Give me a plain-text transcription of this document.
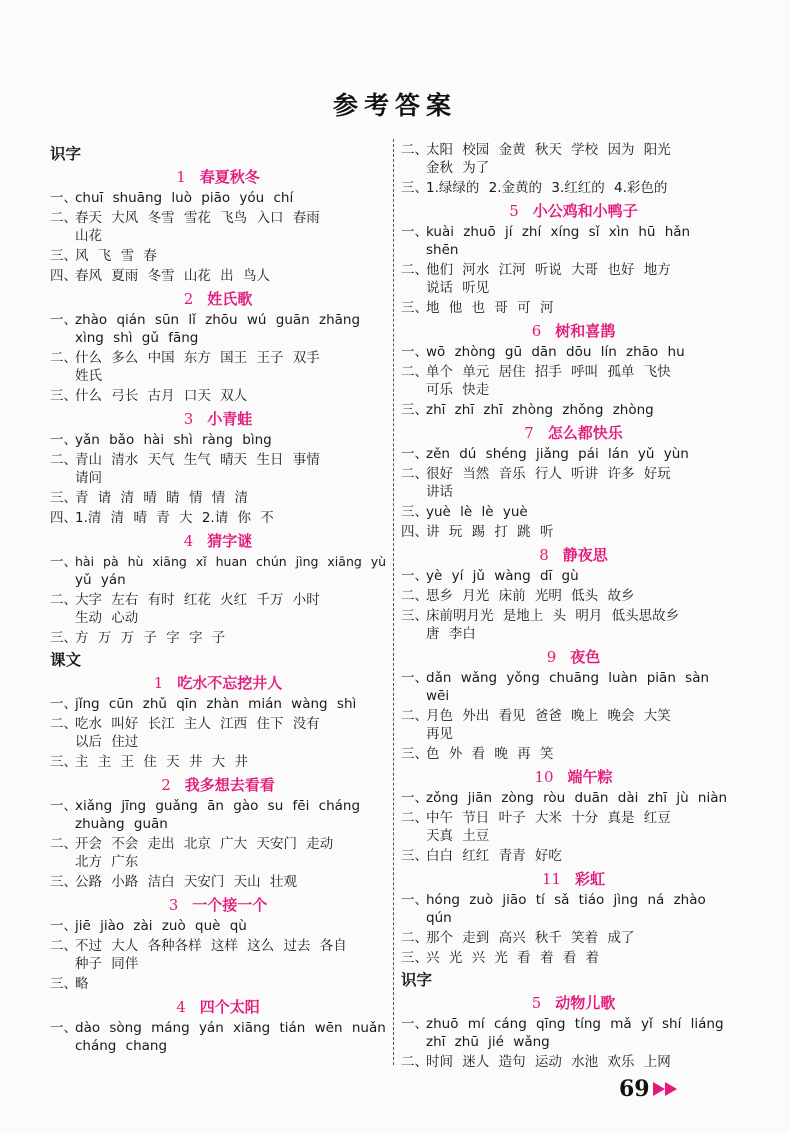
参考答案
识字
1 春夏秋冬
一、
chuī shuāng luò piāo yóu chí
二、
春天 大风 冬雪 雪花 飞鸟 入口 春雨
山花
三、
风 飞 雪 春
四、
春风 夏雨 冬雪 山花 出 鸟人
2 姓氏歌
一、
zhào qián sūn lǐ zhōu wú guān zhāng
xìng shì gǔ fāng
二、
什么 多么 中国 东方 国王 王子 双手
姓氏
三、
什么 弓长 古月 口天 双人
3 小青蛙
一、
yǎn bǎo hài shì ràng bìng
二、
青山 清水 天气 生气 晴天 生日 事情
请问
三、
青 请 清 晴 睛 情 情 清
四、
1.清 清 晴 青 大 2.请 你 不
4 猜字谜
一、
hài pà hù xiāng xǐ huan chún jìng xiāng yù
yǔ yán
二、
大字 左右 有时 红花 火红 千万 小时
生动 心动
三、
方 万 万 子 字 字 子
课文
1 吃水不忘挖井人
一、
jǐng cūn zhǔ qīn zhàn mián wàng shì
二、
吃水 叫好 长江 主人 江西 住下 没有
以后 住过
三、
主 主 王 住 天 井 大 井
2 我多想去看看
一、
xiǎng jīng guǎng ān gào su fēi cháng
zhuàng guān
二、
开会 不会 走出 北京 广大 天安门 走动
北方 广东
三、
公路 小路 洁白 天安门 天山 壮观
3 一个接一个
一、
jiē jiào zài zuò què qù
二、
不过 大人 各种各样 这样 这么 过去 各自
种子 同伴
三、
略
4 四个太阳
一、
dào sòng máng yán xiāng tián wēn nuǎn
cháng chang
二、
太阳 校园 金黄 秋天 学校 因为 阳光
金秋 为了
三、
1.绿绿的 2.金黄的 3.红红的 4.彩色的
5 小公鸡和小鸭子
一、
kuài zhuō jí zhí xíng sǐ xìn hū hǎn
shēn
二、
他们 河水 江河 听说 大哥 也好 地方
说话 听见
三、
地 他 也 哥 可 河
6 树和喜鹊
一、
wō zhòng gū dān dōu lín zhāo hu
二、
单个 单元 居住 招手 呼叫 孤单 飞快
可乐 快走
三、
zhī zhī zhī zhòng zhǒng zhòng
7 怎么都快乐
一、
zěn dú shéng jiǎng pái lán yǔ yùn
二、
很好 当然 音乐 行人 听讲 许多 好玩
讲话
三、
yuè lè lè yuè
四、
讲 玩 踢 打 跳 听
8 静夜思
一、
yè yí jǔ wàng dī gù
二、
思乡 月光 床前 光明 低头 故乡
三、
床前明月光 是地上 头 明月 低头思故乡
唐 李白
9 夜色
一、
dǎn wǎng yǒng chuāng luàn piān sàn
wēi
二、
月色 外出 看见 爸爸 晚上 晚会 大笑
再见
三、
色 外 看 晚 再 笑
10 端午粽
一、
zǒng jiān zòng ròu duān dài zhī jù niàn
二、
中午 节日 叶子 大米 十分 真是 红豆
天真 土豆
三、
白白 红红 青青 好吃
11 彩虹
一、
hóng zuò jiāo tí sǎ tiáo jìng ná zhào
qún
二、
那个 走到 高兴 秋千 笑着 成了
三、
兴 光 兴 光 看 着 看 着
识字
5 动物儿歌
一、
zhuō mí cáng qīng tíng mǎ yǐ shí liáng
zhī zhū jié wǎng
二、
时间 迷人 造句 运动 水池 欢乐 上网
69
